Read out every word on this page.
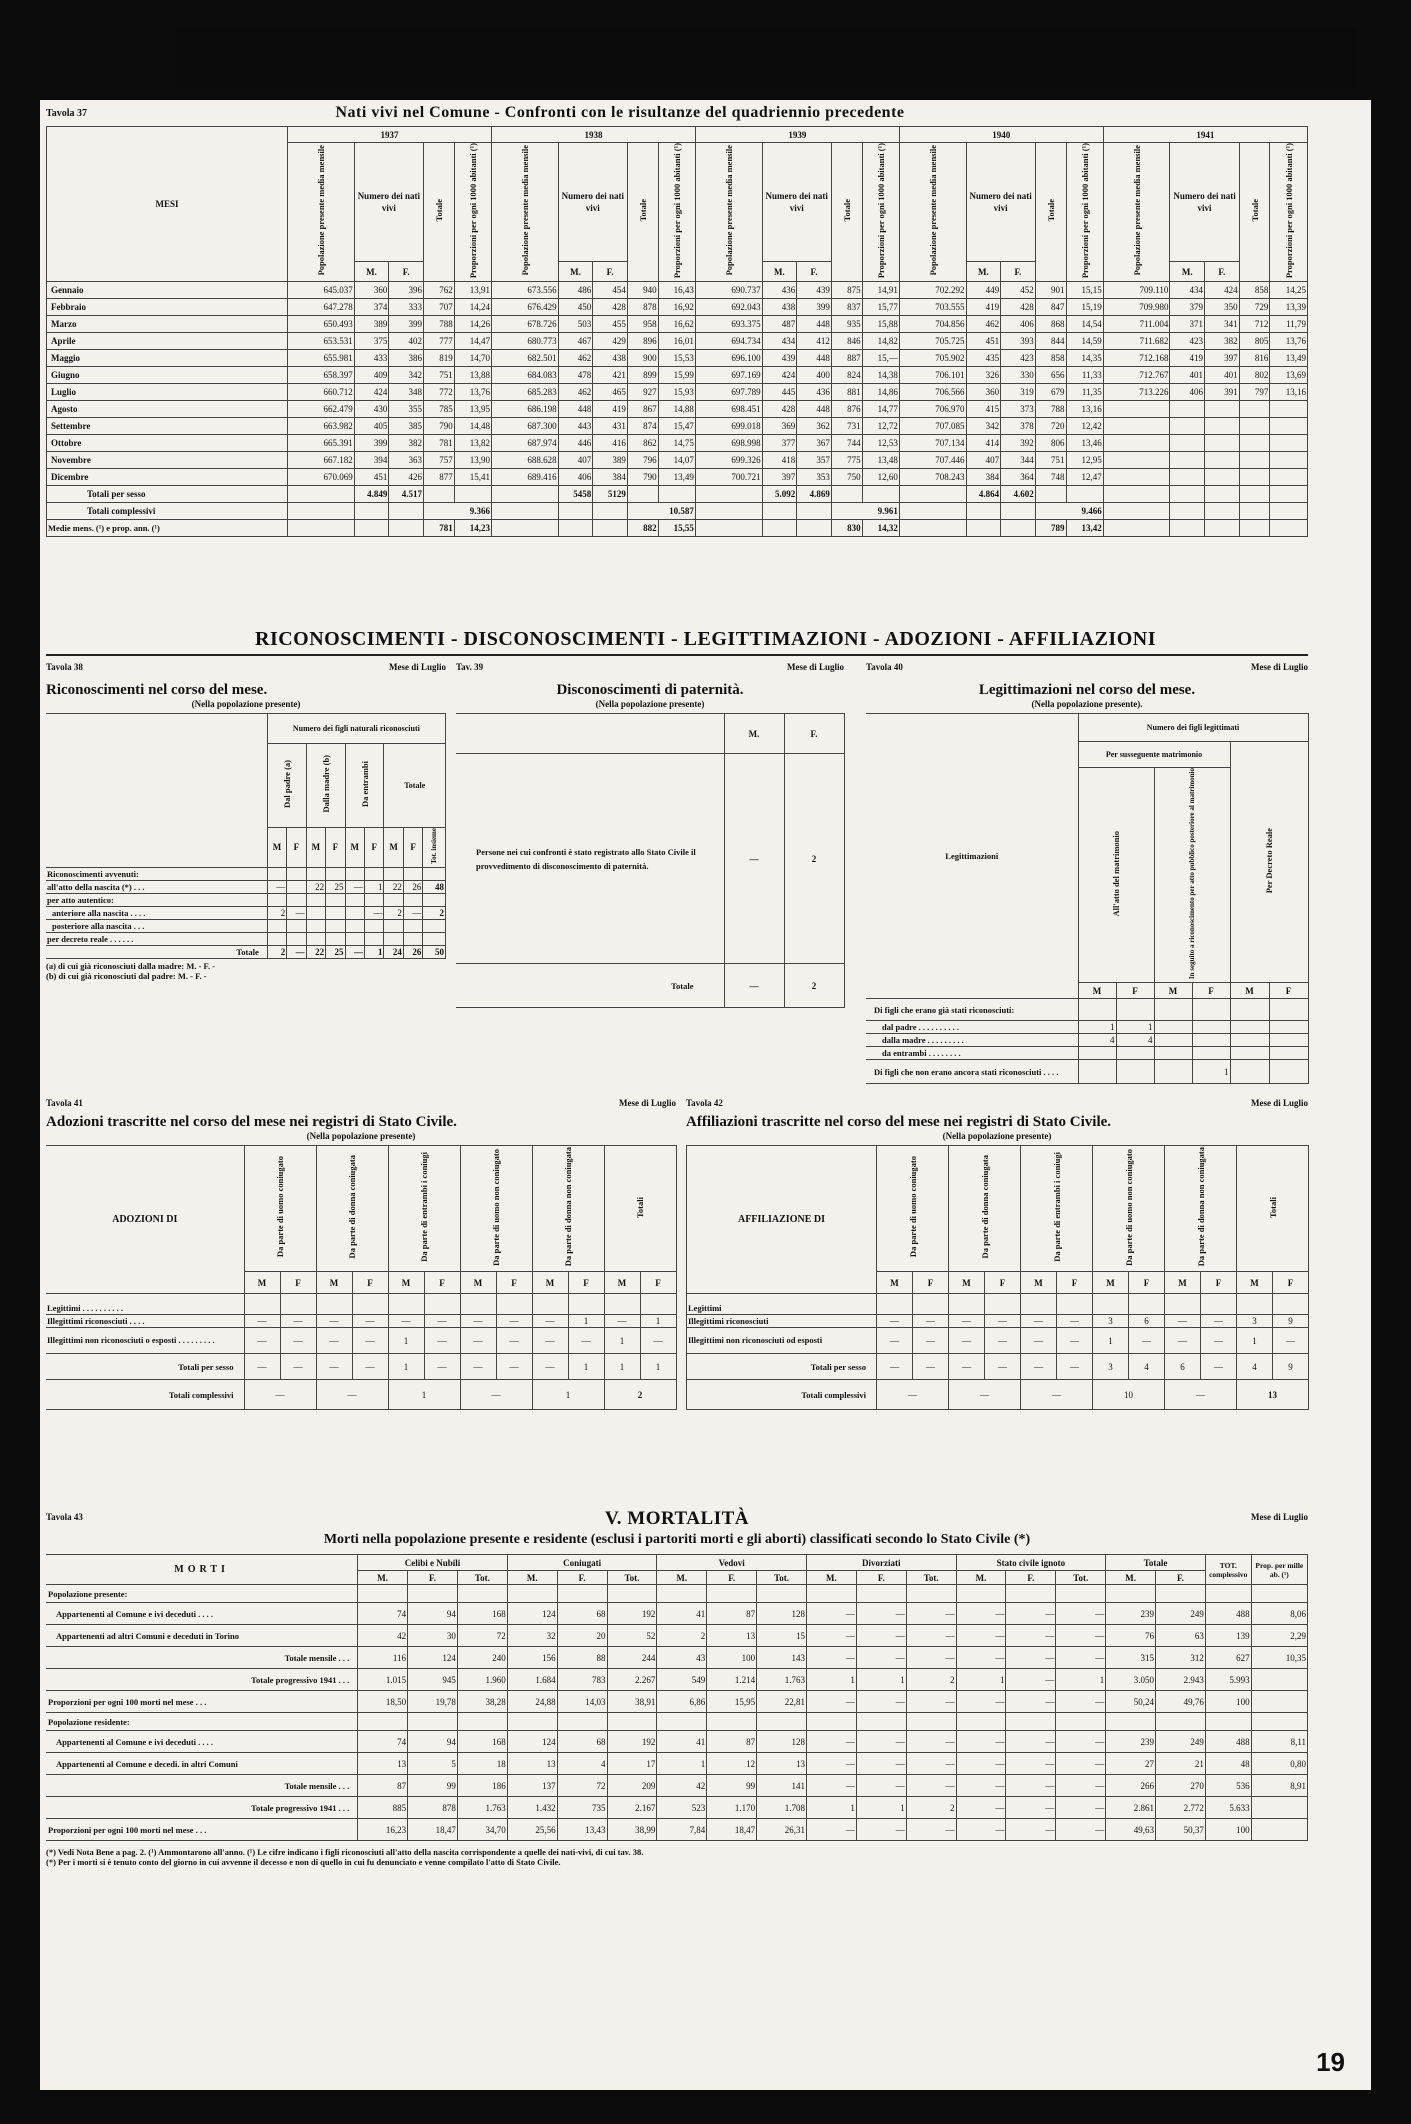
Tavola 37	Nati vivi nel Comune - Confronti con le risultanze del quadriennio precedente
MESI	1937					1938					1939					1940					1941				
	Popolazione presente media mensile	Numero dei nati vivi		Totale	Proporzioni per ogni 1000 abitanti (¹)	Popolazione presente media mensile	Numero dei nati vivi		Totale	Proporzioni per ogni 1000 abitanti (¹)	Popolazione presente media mensile	Numero dei nati vivi		Totale	Proporzioni per ogni 1000 abitanti (¹)	Popolazione presente media mensile	Numero dei nati vivi		Totale	Proporzioni per ogni 1000 abitanti (¹)	Popolazione presente media mensile	Numero dei nati vivi		Totale	Proporzioni per ogni 1000 abitanti (¹)
		M.	F.				M.	F.				M.	F.				M.	F.				M.	F.		
Gennaio	645.037	360	396	762	13,91	673.556	486	454	940	16,43	690.737	436	439	875	14,91	702.292	449	452	901	15,15	709.110	434	424	858	14,25
Febbraio	647.278	374	333	707	14,24	676.429	450	428	878	16,92	692.043	438	399	837	15,77	703.555	419	428	847	15,19	709.980	379	350	729	13,39
Marzo	650.493	389	399	788	14,26	678.726	503	455	958	16,62	693.375	487	448	935	15,88	704.856	462	406	868	14,54	711.004	371	341	712	11,79
Aprile	653.531	375	402	777	14,47	680.773	467	429	896	16,01	694.734	434	412	846	14,82	705.725	451	393	844	14,59	711.682	423	382	805	13,76
Maggio	655.981	433	386	819	14,70	682.501	462	438	900	15,53	696.100	439	448	887	15,—	705.902	435	423	858	14,35	712.168	419	397	816	13,49
Giugno	658.397	409	342	751	13,88	684.083	478	421	899	15,99	697.169	424	400	824	14,38	706.101	326	330	656	11,33	712.767	401	401	802	13,69
Luglio	660.712	424	348	772	13,76	685.283	462	465	927	15,93	697.789	445	436	881	14,86	706.566	360	319	679	11,35	713.226	406	391	797	13,16
Agosto	662.479	430	355	785	13,95	686.198	448	419	867	14,88	698.451	428	448	876	14,77	706.970	415	373	788	13,16					
Settembre	663.982	405	385	790	14,48	687.300	443	431	874	15,47	699.018	369	362	731	12,72	707.085	342	378	720	12,42					
Ottobre	665.391	399	382	781	13,82	687.974	446	416	862	14,75	698.998	377	367	744	12,53	707.134	414	392	806	13,46					
Novembre	667.182	394	363	757	13,90	688.628	407	389	796	14,07	699.326	418	357	775	13,48	707.446	407	344	751	12,95					
Dicembre	670.069	451	426	877	15,41	689.416	406	384	790	13,49	700.721	397	353	750	12,60	708.243	384	364	748	12,47					
Totali per sesso		4.849	4.517				5458	5129				5.092	4.869				4.864	4.602							
Totali complessivi				9.366					10.587					9.961					9.466						
Medie mens. (¹) e prop. ann. (¹)				781	14,23				882	15,55				830	14,32				789	13,42					
RICONOSCIMENTI - DISCONOSCIMENTI - LEGITTIMAZIONI - ADOZIONI - AFFILIAZIONI
Tavola 38	Mese di Luglio
Riconoscimenti nel corso del mese.
(Nella popolazione presente)
	Numero dei figli naturali riconosciuti								
	Dal padre (a)		Dalla madre (b)		Da entrambi		Totale		
	M	F	M	F	M	F	M	F	Tot. insieme
Riconoscimenti avvenuti:									
all'atto della nascita (*) . . .	—		22	25	—	1	22	26	48
per atto autentico:									
anteriore alla nascita . . . .	2	—				—	2	—	2
posteriore alla nascita . . .									
per decreto reale . . . . . .									
Totale	2	—	22	25	—	1	24	26	50
(a) di cui già riconosciuti dalla madre: M. - F. -
(b) di cui già riconosciuti dal padre: M. - F. -
Tav. 39	Mese di Luglio
Disconoscimenti di paternità.
(Nella popolazione presente)
	M.	F.
Persone nei cui confronti è stato registrato allo Stato Civile il provvedimento di disconoscimento di paternità.	—	2
Totale	—	2
Tavola 40	Mese di Luglio
Legittimazioni nel corso del mese.
(Nella popolazione presente).
Legittimazioni	Numero dei figli legittimati					
	Per susseguente matrimonio				Per Decreto Reale	
	All'atto del matrimonio		In seguito a riconoscimento per atto pubblico posteriore al matrimonio			
	M	F	M	F	M	F
Di figli che erano già stati riconosciuti:						
dal padre . . . . . . . . . .	1	1				
dalla madre . . . . . . . . .	4	4				
da entrambi . . . . . . . .						
Di figli che non erano ancora stati riconosciuti . . . .				1		
Tavola 41	Mese di Luglio
Adozioni trascritte nel corso del mese nei registri di Stato Civile.
(Nella popolazione presente)
ADOZIONI DI	Da parte di uomo coniugato		Da parte di donna coniugata		Da parte di entrambi i coniugi		Da parte di uomo non coniugato		Da parte di donna non coniugata		Totali	
	M	F	M	F	M	F	M	F	M	F	M	F
Legittimi . . . . . . . . . .												
Illegittimi riconosciuti . . . .	—	—	—	—	—	—	—	—	—	1	—	1
Illegittimi non riconosciuti o esposti . . . . . . . . .	—	—	—	—	1	—	—	—	—	—	1	—
Totali per sesso	—	—	—	—	1	—	—	—	—	1	1	1
Totali complessivi	—		—		1		—		1		2	
Tavola 42	Mese di Luglio
Affiliazioni trascritte nel corso del mese nei registri di Stato Civile.
(Nella popolazione presente)
AFFILIAZIONE DI	Da parte di uomo coniugato		Da parte di donna coniugata		Da parte di entrambi i coniugi		Da parte di uomo non coniugato		Da parte di donna non coniugata		Totali	
	M	F	M	F	M	F	M	F	M	F	M	F
Legittimi												
Illegittimi riconosciuti	—	—	—	—	—	—	3	6	—	—	3	9
Illegittimi non riconosciuti od esposti	—	—	—	—	—	—	1	—	—	—	1	—
Totali per sesso	—	—	—	—	—	—	3	4	6	—	4	9
Totali complessivi	—		—		—		10		—		13	
Tavola 43	V. MORTALITÀ	Mese di Luglio
Morti nella popolazione presente e residente (esclusi i partoriti morti e gli aborti) classificati secondo lo Stato Civile (*)
MORTI	Celibi e Nubili			Coniugati			Vedovi			Divorziati			Stato civile ignoto			Totale		TOT. complessivo	Prop. per mille ab. (¹)
	M.	F.	Tot.	M.	F.	Tot.	M.	F.	Tot.	M.	F.	Tot.	M.	F.	Tot.	M.	F.		
Popolazione presente:																			
Appartenenti al Comune e ivi deceduti . . . .	74	94	168	124	68	192	41	87	128	—	—	—	—	—	—	239	249	488	8,06
Appartenenti ad altri Comuni e deceduti in Torino	42	30	72	32	20	52	2	13	15	—	—	—	—	—	—	76	63	139	2,29
Totale mensile . . .	116	124	240	156	88	244	43	100	143	—	—	—	—	—	—	315	312	627	10,35
Totale progressivo 1941 . . .	1.015	945	1.960	1.684	783	2.267	549	1.214	1.763	1	1	2	1	—	1	3.050	2.943	5.993	
Proporzioni per ogni 100 morti nel mese . . .	18,50	19,78	38,28	24,88	14,03	38,91	6,86	15,95	22,81	—	—	—	—	—	—	50,24	49,76	100	
Popolazione residente:																			
Appartenenti al Comune e ivi deceduti . . . .	74	94	168	124	68	192	41	87	128	—	—	—	—	—	—	239	249	488	8,11
Appartenenti al Comune e decedi. in altri Comuni	13	5	18	13	4	17	1	12	13	—	—	—	—	—	—	27	21	48	0,80
Totale mensile . . .	87	99	186	137	72	209	42	99	141	—	—	—	—	—	—	266	270	536	8,91
Totale progressivo 1941 . . .	885	878	1.763	1.432	735	2.167	523	1.170	1.708	1	1	2	—	—	—	2.861	2.772	5.633	
Proporzioni per ogni 100 morti nel mese . . .	16,23	18,47	34,70	25,56	13,43	38,99	7,84	18,47	26,31	—	—	—	—	—	—	49,63	50,37	100	
(*) Vedi Nota Bene a pag. 2. (¹) Ammontarono all'anno. (¹) Le cifre indicano i figli riconosciuti all'atto della nascita corrispondente a quelle dei nati-vivi, di cui tav. 38.
(*) Per i morti si è tenuto conto del giorno in cui avvenne il decesso e non di quello in cui fu denunciato e venne compilato l'atto di Stato Civile.
19
